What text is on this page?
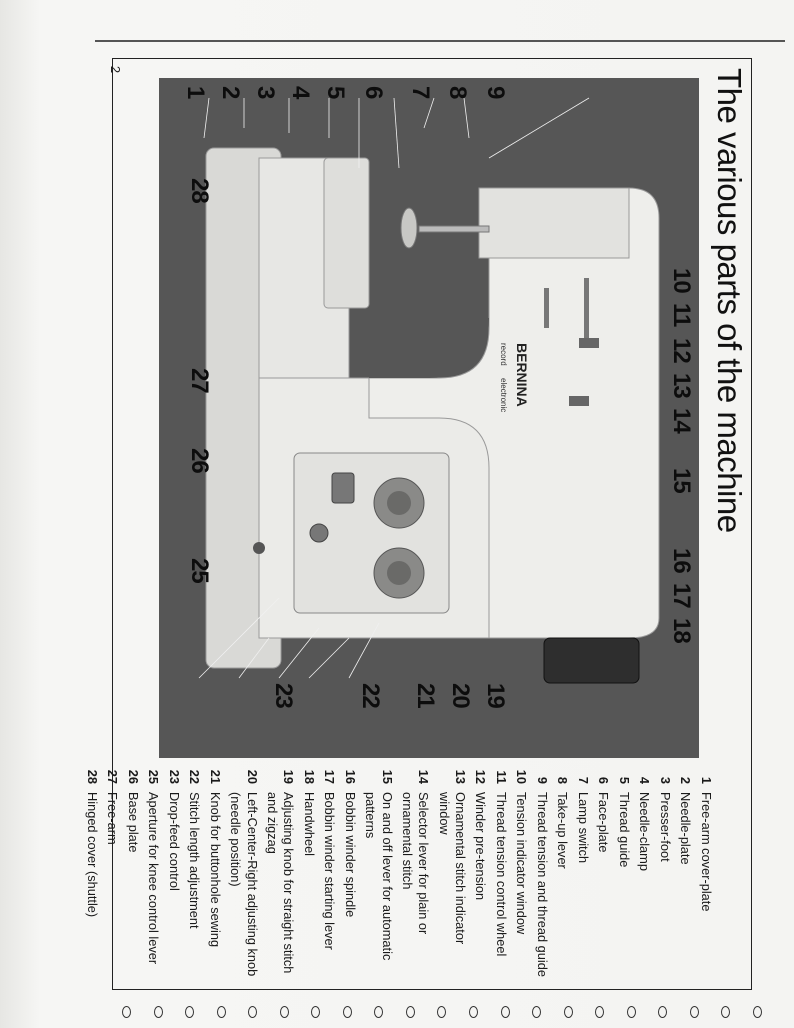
2	The various parts of the machine
BERNINA
record
electronic
1 2 3 4 5 6 7 8 9
10
11
12
13
14
15
16
17
18
19
20
21
22
23
25
26
27
28
1
Free-arm cover-plate
2
Needle-plate
3
Presser-foot
4
Needle-clamp
5
Thread guide
6
Face-plate
7
Lamp switch
8
Take-up lever
9
Thread tension and thread guide
10
Tension indicator window
11
Thread tension control wheel
12
Winder pre-tension
13
Ornamental stitch indicator window
14
Selector lever for plain or ornamental stitch
15
On and off lever for automatic patterns
16
Bobbin winder spindle
17
Bobbin winder starting lever
18
Handwheel
19
Adjusting knob for straight stitch and zigzag
20
Left-Center-Right adjusting knob (needle position)
21
Knob for buttonhole sewing
22
Stitch length adjustment
23
Drop-feed control
25
Aperture for knee control lever
26
Base plate
27
Free-arm
28
Hinged cover (shuttle)
